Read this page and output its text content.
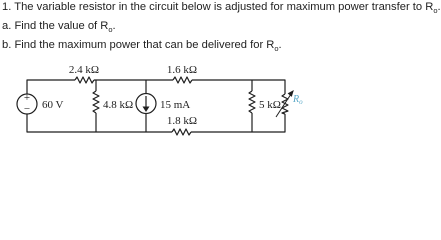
1. The variable resistor in the circuit below is adjusted for maximum power transfer to $R_o$.
a. Find the value of $R_o$.
b. Find the maximum power that can be delivered for $R_o$.
+
−
2.4 kΩ	1.6 kΩ
60 V	4.8 kΩ 15 mA	5 kΩ
1.8 kΩ
$R_o$
